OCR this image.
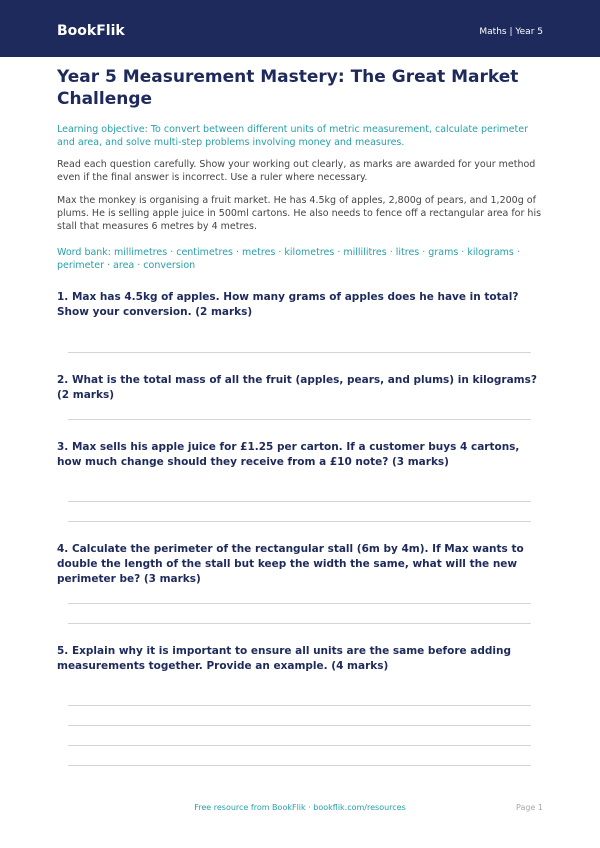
BookFlik	Maths | Year 5
Year 5 Measurement Mastery: The Great Market Challenge
Learning objective: To convert between different units of metric measurement, calculate perimeter and area, and solve multi-step problems involving money and measures.
Read each question carefully. Show your working out clearly, as marks are awarded for your method even if the final answer is incorrect. Use a ruler where necessary.
Max the monkey is organising a fruit market. He has 4.5kg of apples, 2,800g of pears, and 1,200g of plums. He is selling apple juice in 500ml cartons. He also needs to fence off a rectangular area for his stall that measures 6 metres by 4 metres.
Word bank: millimetres · centimetres · metres · kilometres · millilitres · litres · grams · kilograms · perimeter · area · conversion
1. Max has 4.5kg of apples. How many grams of apples does he have in total? Show your conversion. (2 marks)
2. What is the total mass of all the fruit (apples, pears, and plums) in kilograms? (2 marks)
3. Max sells his apple juice for £1.25 per carton. If a customer buys 4 cartons, how much change should they receive from a £10 note? (3 marks)
4. Calculate the perimeter of the rectangular stall (6m by 4m). If Max wants to double the length of the stall but keep the width the same, what will the new perimeter be? (3 marks)
5. Explain why it is important to ensure all units are the same before adding measurements together. Provide an example. (4 marks)
Free resource from BookFlik · bookflik.com/resources	Page 1
